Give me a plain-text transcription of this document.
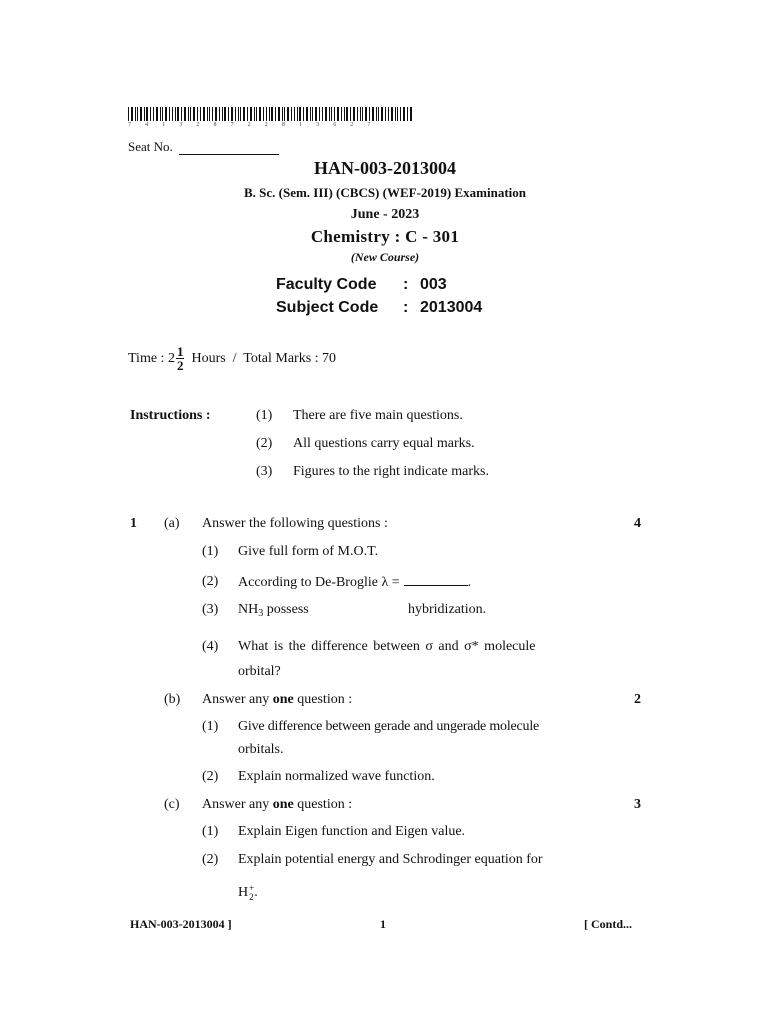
7 4 1 3 2 8 7 2 2 8 1 3 6 2 7
Seat No.
HAN-003-2013004
B. Sc. (Sem. III) (CBCS) (WEF-2019) Examination
June - 2023
Chemistry : C - 301
(New Course)
Faculty Code : 003
Subject Code : 2013004
Time : $2 \frac{1}{2}$ Hours  /  Total Marks : 70
Instructions :	(1) There are five main questions.
(2) All questions carry equal marks.
(3) Figures to the right indicate marks.
1 (a) Answer the following questions :	4
(1) Give full form of M.O.T.
(2) According to De-Broglie λ =	.
(3) $NH_3$ possess	hybridization.
(4) What is the difference between σ and σ* molecule
orbital?
(b) Answer any one question :	2
(1) Give difference between gerade and ungerade molecule
orbitals.
(2) Explain normalized wave function.
(c) Answer any one question :	3
(1) Explain Eigen function and Eigen value.
(2) Explain potential energy and Schrodinger equation for
H +
2 .
HAN-003-2013004 ]	1	[ Contd...
